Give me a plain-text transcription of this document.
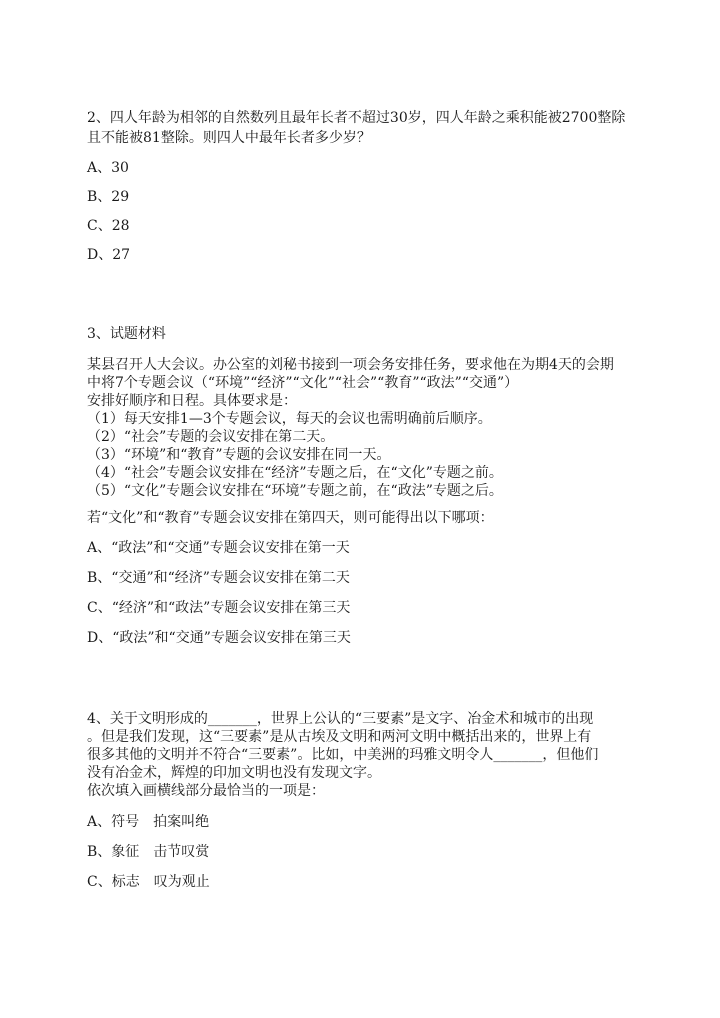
2、四人年龄为相邻的自然数列且最年长者不超过30岁，四人年龄之乘积能被2700整除
且不能被81整除。则四人中最年长者多少岁？

A、30

B、29

C、28

D、27

3、试题材料
某县召开人大会议。办公室的刘秘书接到一项会务安排任务，要求他在为期4天的会期
中将7个专题会议（“环境”“经济”“文化”“社会”“教育”“政法”“交通”）
安排好顺序和日程。具体要求是：
（1）每天安排1—3个专题会议，每天的会议也需明确前后顺序。
（2）“社会”专题的会议安排在第二天。
（3）“环境”和“教育”专题的会议安排在同一天。
（4）“社会”专题会议安排在“经济”专题之后，在“文化”专题之前。
（5）“文化”专题会议安排在“环境”专题之前，在“政法”专题之后。
若“文化”和“教育”专题会议安排在第四天，则可能得出以下哪项：

A、“政法”和“交通”专题会议安排在第一天

B、“交通”和“经济”专题会议安排在第二天

C、“经济”和“政法”专题会议安排在第三天

D、“政法”和“交通”专题会议安排在第三天

4、关于文明形成的_______，世界上公认的“三要素”是文字、冶金术和城市的出现
。但是我们发现，这“三要素”是从古埃及文明和两河文明中概括出来的，世界上有
很多其他的文明并不符合“三要素”。比如，中美洲的玛雅文明令人_______，但他们
没有冶金术，辉煌的印加文明也没有发现文字。
依次填入画横线部分最恰当的一项是：

A、符号　拍案叫绝

B、象征　击节叹赏

C、标志　叹为观止
